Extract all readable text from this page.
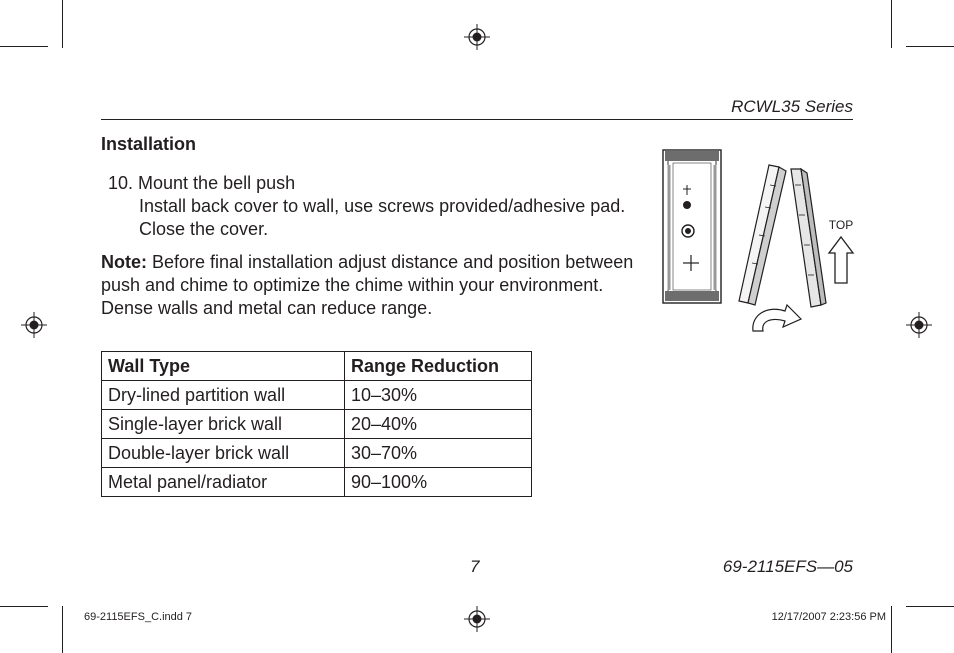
RCWL35 Series
Installation
10. Mount the bell push
Install back cover to wall, use screws provided/adhesive pad. Close the cover.
Note: Before final installation adjust distance and position between push and chime to optimize the chime within your environment. Dense walls and metal can reduce range.
TOP
Wall Type	Range Reduction
Dry-lined partition wall	10–30%
Single-layer brick wall	20–40%
Double-layer brick wall	30–70%
Metal panel/radiator	90–100%
7	69-2115EFS—05
69-2115EFS_C.indd 7	12/17/2007 2:23:56 PM
